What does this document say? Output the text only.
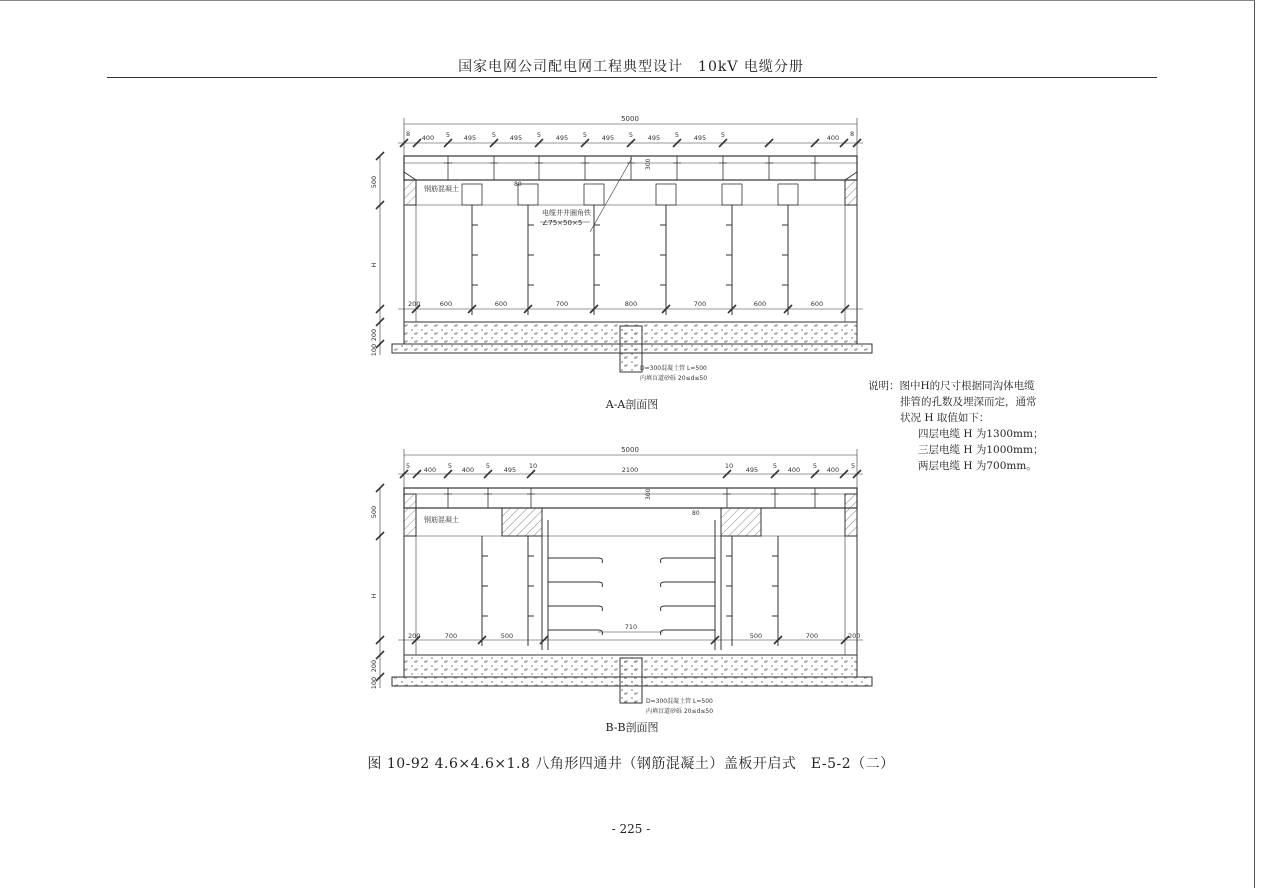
国家电网公司配电网工程典型设计　10kV 电缆分册
5000
8 400 5 495 5 495 5 495 5 495 5 495 5 495 5	400 8
200	600	600	700	800	700	600	600
500
H
200
100
80
300
钢筋混凝土
电缆井井圈角铁
∠75×50×5
D=300混凝土管 L=500
内填盲道砂砾 20≤d≤50
A-A剖面图
5000
5 400 5 400 5 495 10	2100	10 495 5 400 5 400 5
200	700	500
710
500	700	200
500
H
200
100
80
300
钢筋混凝土
D=300混凝土管 L=500
内填盲道砂砾 20≤d≤50
B-B剖面图
说明：图中H的尺寸根据同沟体电缆
排管的孔数及埋深而定，通常
状况 H 取值如下：
四层电缆 H 为1300mm；
三层电缆 H 为1000mm；
两层电缆 H 为700mm。
图 10-92 4.6×4.6×1.8 八角形四通井（钢筋混凝土）盖板开启式　E-5-2（二）
- 225 -
